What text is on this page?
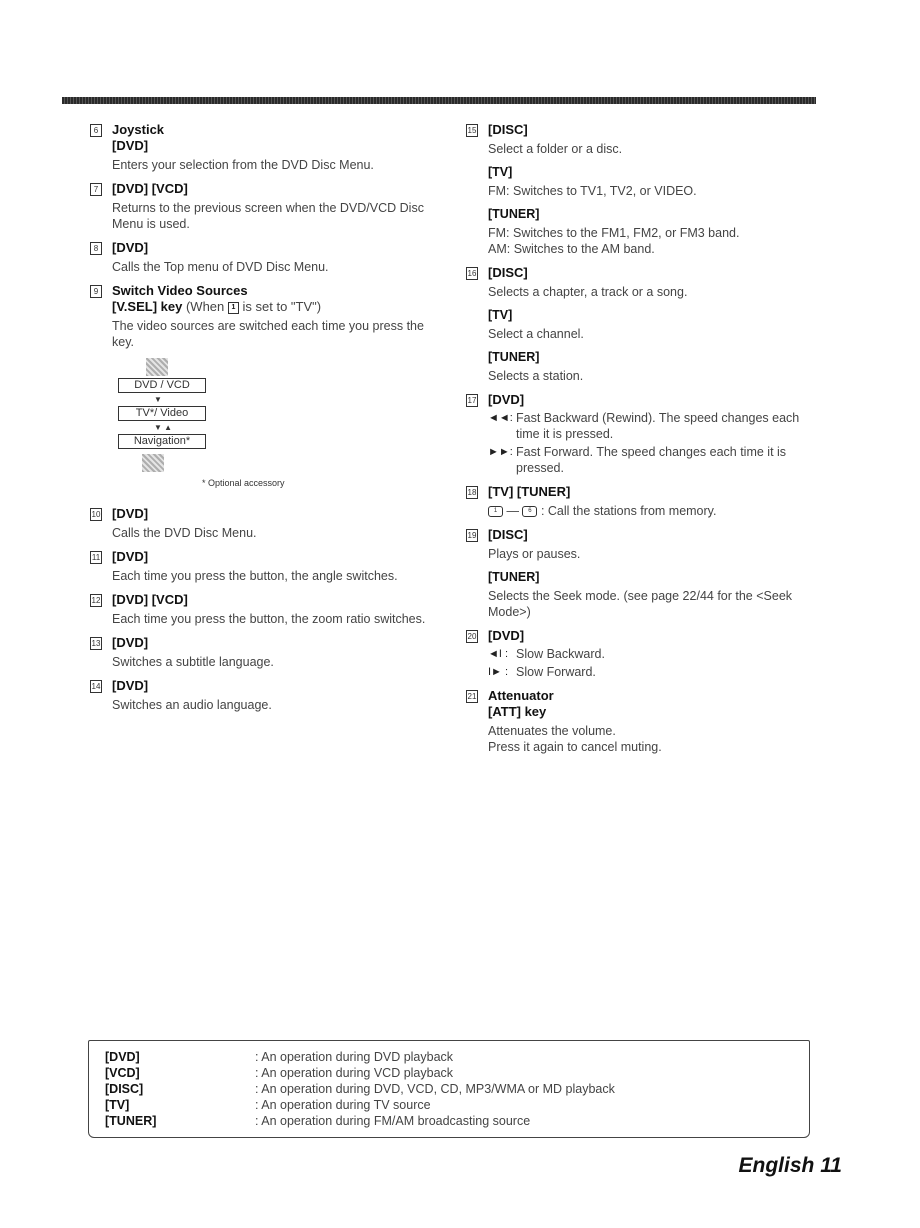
6 Joystick
[DVD]
Enters your selection from the DVD Disc Menu.
7 [DVD] [VCD]
Returns to the previous screen when the DVD/VCD Disc Menu is used.
8 [DVD]
Calls the Top menu of DVD Disc Menu.
9 Switch Video Sources
[V.SEL] key (When 1 is set to "TV")
The video sources are switched each time you press the key.
DVD / VCD
▼
TV*/ Video
▼ ▲
Navigation*
* Optional accessory
10 [DVD]
Calls the DVD Disc Menu.
11 [DVD]
Each time you press the button, the angle switches.
12 [DVD] [VCD]
Each time you press the button, the zoom ratio switches.
13 [DVD]
Switches a subtitle language.
14 [DVD]
Switches an audio language.
15 [DISC]
Select a folder or a disc.
[TV]
FM: Switches to TV1, TV2, or VIDEO.
[TUNER]
FM: Switches to the FM1, FM2, or FM3 band.
AM: Switches to the AM band.
16 [DISC]
Selects a chapter, a track or a song.
[TV]
Select a channel.
[TUNER]
Selects a station.
17 [DVD]
◄◄: Fast Backward (Rewind). The speed changes each time it is pressed.
►►: Fast Forward. The speed changes each time it is pressed.
18 [TV] [TUNER]
1 — 6 : Call the stations from memory.
19 [DISC]
Plays or pauses.
[TUNER]
Selects the Seek mode. (see page 22/44 for the <Seek Mode>)
20 [DVD]
◄I : Slow Backward.
I► : Slow Forward.
21 Attenuator
[ATT] key
Attenuates the volume.
Press it again to cancel muting.
[DVD]	: An operation during DVD playback
[VCD]	: An operation during VCD playback
[DISC]	: An operation during DVD, VCD, CD, MP3/WMA or MD playback
[TV]	: An operation during TV source
[TUNER]	: An operation during FM/AM broadcasting source
English 11
